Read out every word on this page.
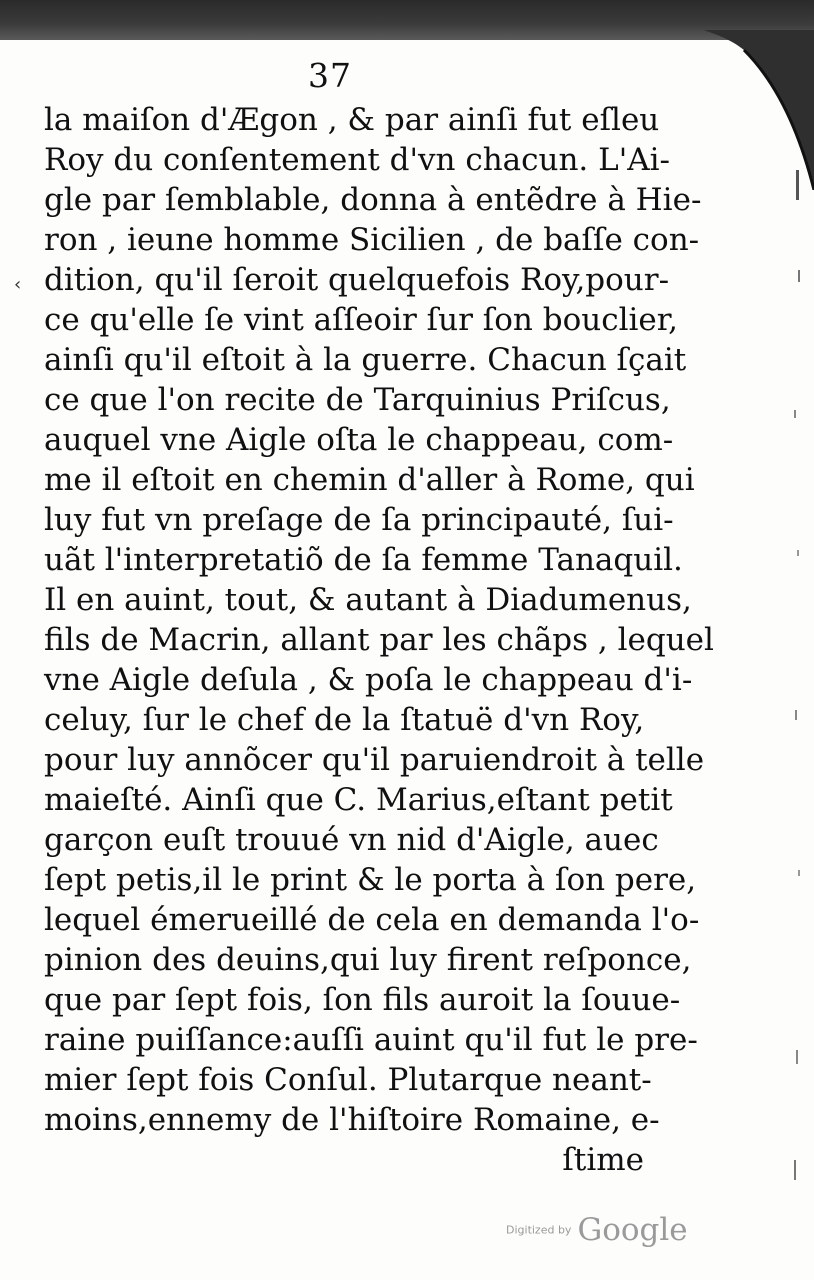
37
‹
la maiſon d'Ægon , & par ainſi fut eſleu
Roy du conſentement d'vn chacun. L'Ai-
gle par ſemblable, donna à entẽdre à Hie-
ron , ieune homme Sicilien , de baſſe con-
dition, qu'il ſeroit quelquefois Roy,pour-
ce qu'elle ſe vint aſſeoir ſur ſon bouclier,
ainſi qu'il eſtoit à la guerre. Chacun ſçait
ce que l'on recite de Tarquinius Priſcus,
auquel vne Aigle oſta le chappeau, com-
me il eſtoit en chemin d'aller à Rome, qui
luy fut vn preſage de ſa principauté, ſui-
uãt l'interpretatiõ de ſa femme Tanaquil.
Il en auint, tout, & autant à Diadumenus,
fils de Macrin, allant par les chãps , lequel
vne Aigle deſula , & poſa le chappeau d'i-
celuy, ſur le chef de la ſtatuë d'vn Roy,
pour luy annõcer qu'il paruiendroit à telle
maieſté. Ainſi que C. Marius,eſtant petit
garçon euſt trouué vn nid d'Aigle, auec
ſept petis,il le print & le porta à ſon pere,
lequel émerueillé de cela en demanda l'o-
pinion des deuins,qui luy firent reſponce,
que par ſept fois, ſon fils auroit la ſouue-
raine puiſſance:auſſi auint qu'il fut le pre-
mier ſept fois Conſul. Plutarque neant-
moins,ennemy de l'hiſtoire Romaine, e-
ſtime
Digitized by Google
